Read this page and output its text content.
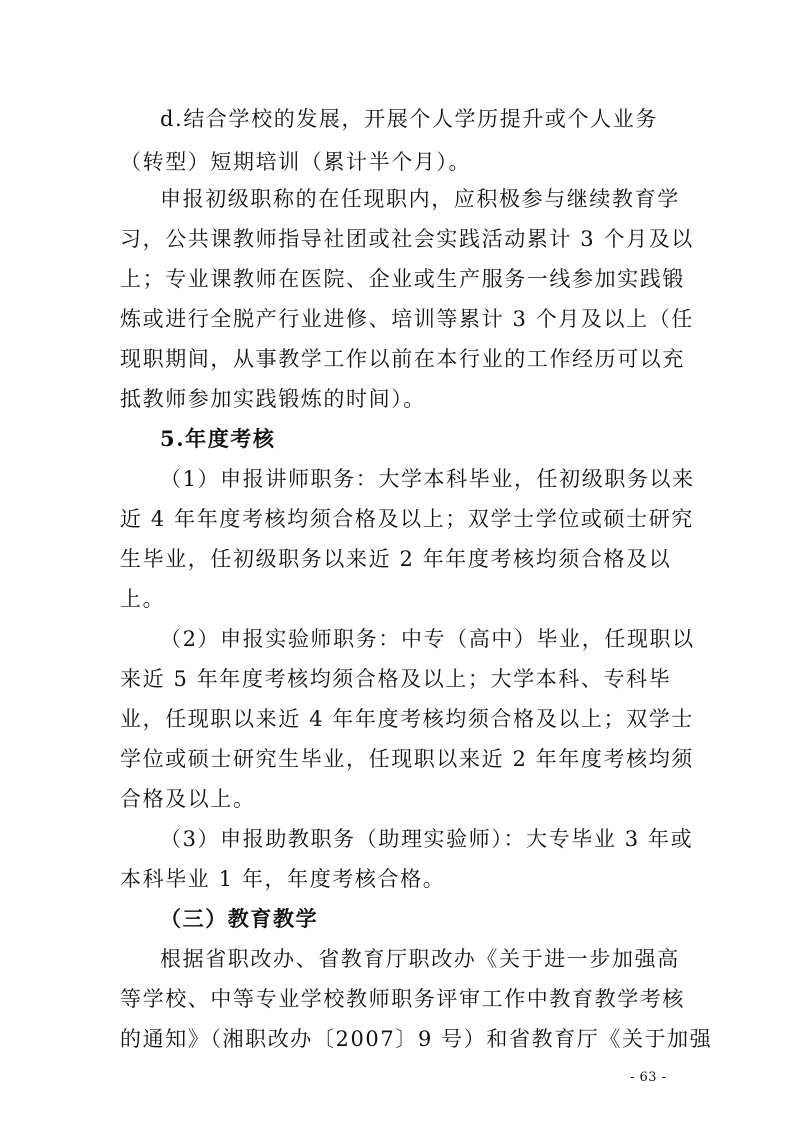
d.结合学校的发展，开展个人学历提升或个人业务
（转型）短期培训（累计半个月）。
申报初级职称的在任现职内，应积极参与继续教育学
习，公共课教师指导社团或社会实践活动累计 3 个月及以
上；专业课教师在医院、企业或生产服务一线参加实践锻
炼或进行全脱产行业进修、培训等累计 3 个月及以上（任
现职期间，从事教学工作以前在本行业的工作经历可以充
抵教师参加实践锻炼的时间）。
5.年度考核
（1）申报讲师职务：大学本科毕业，任初级职务以来
近 4 年年度考核均须合格及以上；双学士学位或硕士研究
生毕业，任初级职务以来近 2 年年度考核均须合格及以
上。
（2）申报实验师职务：中专（高中）毕业，任现职以
来近 5 年年度考核均须合格及以上；大学本科、专科毕
业，任现职以来近 4 年年度考核均须合格及以上；双学士
学位或硕士研究生毕业，任现职以来近 2 年年度考核均须
合格及以上。
（3）申报助教职务（助理实验师）：大专毕业 3 年或
本科毕业 1 年，年度考核合格。
（三）教育教学
根据省职改办、省教育厅职改办《关于进一步加强高
等学校、中等专业学校教师职务评审工作中教育教学考核
的通知》（湘职改办〔2007〕9 号）和省教育厅《关于加强
- 63 -
